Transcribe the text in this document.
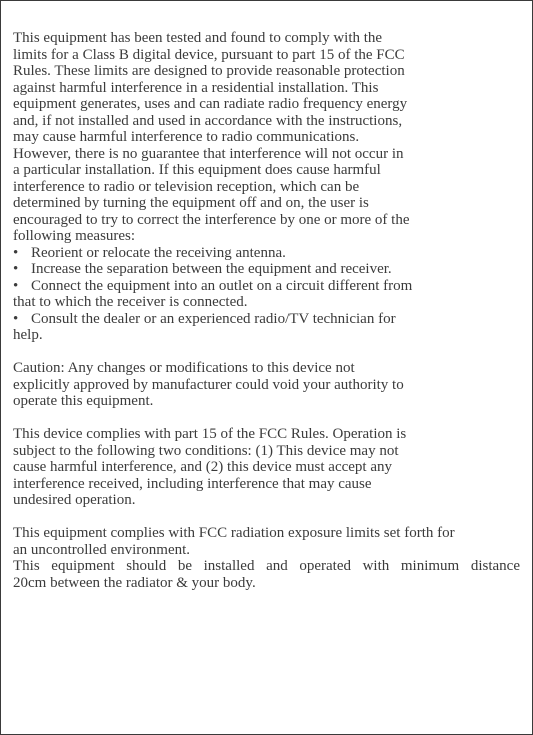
This equipment has been tested and found to comply with the
limits for a Class B digital device, pursuant to part 15 of the FCC
Rules. These limits are designed to provide reasonable protection
against harmful interference in a residential installation. This
equipment generates, uses and can radiate radio frequency energy
and, if not installed and used in accordance with the instructions,
may cause harmful interference to radio communications.
However, there is no guarantee that interference will not occur in
a particular installation. If this equipment does cause harmful
interference to radio or television reception, which can be
determined by turning the equipment off and on, the user is
encouraged to try to correct the interference by one or more of the
following measures:
• Reorient or relocate the receiving antenna.
• Increase the separation between the equipment and receiver.
• Connect the equipment into an outlet on a circuit different from
that to which the receiver is connected.
• Consult the dealer or an experienced radio/TV technician for
help.
Caution: Any changes or modifications to this device not
explicitly approved by manufacturer could void your authority to
operate this equipment.
This device complies with part 15 of the FCC Rules. Operation is
subject to the following two conditions: (1) This device may not
cause harmful interference, and (2) this device must accept any
interference received, including interference that may cause
undesired operation.
This equipment complies with FCC radiation exposure limits set forth for
an uncontrolled environment.
This equipment should be installed and operated with minimum distance
20cm between the radiator & your body.
